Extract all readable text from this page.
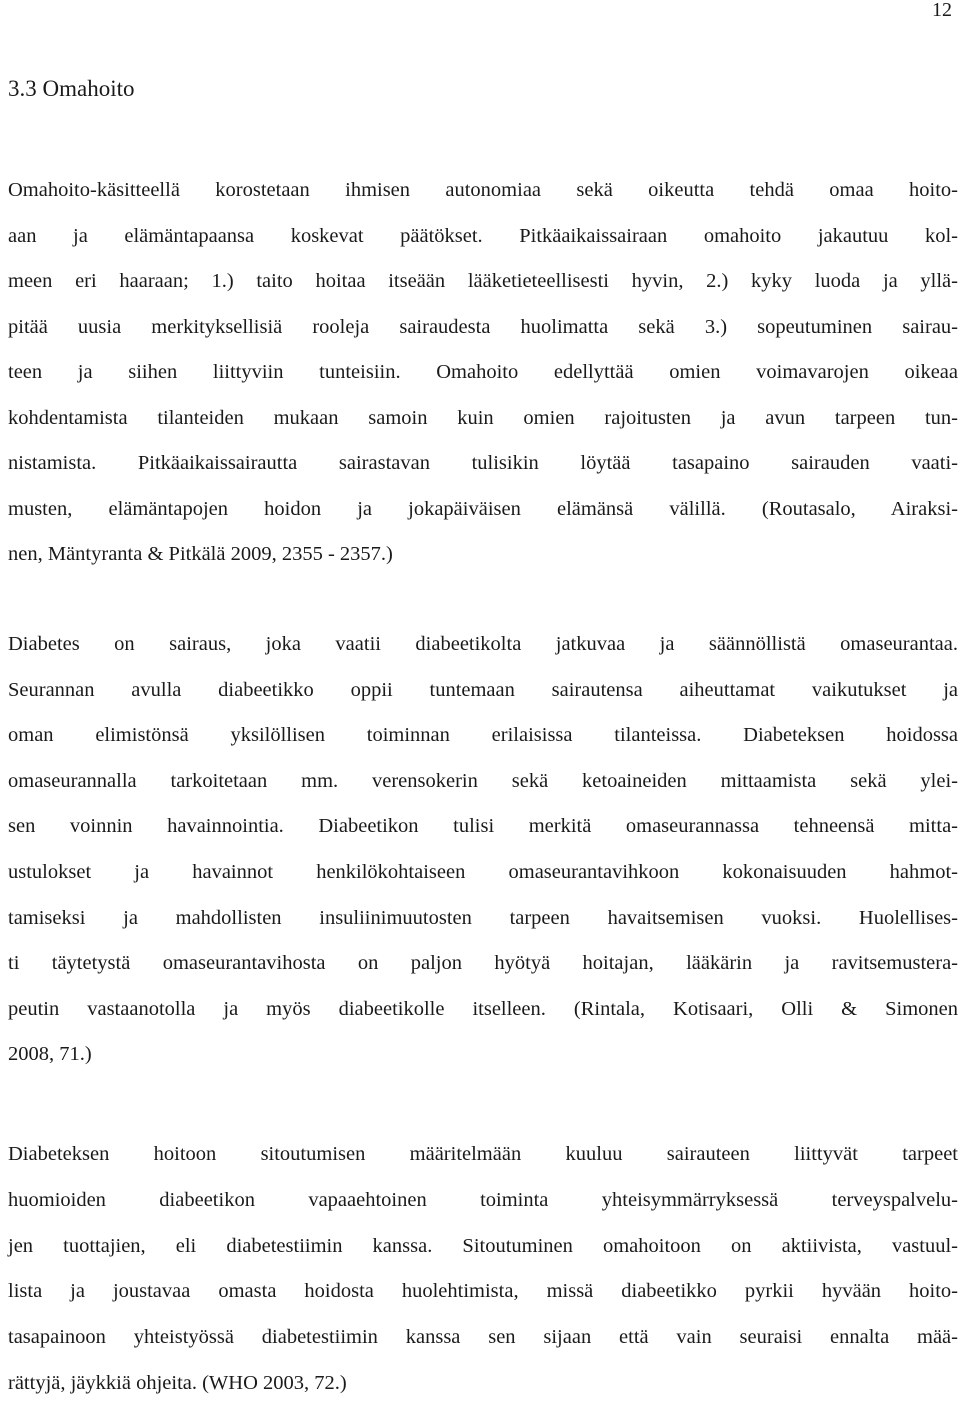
12
3.3 Omahoito
Omahoito-käsitteellä korostetaan ihmisen autonomiaa sekä oikeutta tehdä omaa hoito-
aan ja elämäntapaansa koskevat päätökset. Pitkäaikaissairaan omahoito jakautuu kol-
meen eri haaraan; 1.) taito hoitaa itseään lääketieteellisesti hyvin, 2.) kyky luoda ja yllä-
pitää uusia merkityksellisiä rooleja sairaudesta huolimatta sekä 3.) sopeutuminen sairau-
teen ja siihen liittyviin tunteisiin. Omahoito edellyttää omien voimavarojen oikeaa
kohdentamista tilanteiden mukaan samoin kuin omien rajoitusten ja avun tarpeen tun-
nistamista. Pitkäaikaissairautta sairastavan tulisikin löytää tasapaino sairauden vaati-
musten, elämäntapojen hoidon ja jokapäiväisen elämänsä välillä. (Routasalo, Airaksi-
nen, Mäntyranta & Pitkälä 2009, 2355 - 2357.)
Diabetes on sairaus, joka vaatii diabeetikolta jatkuvaa ja säännöllistä omaseurantaa.
Seurannan avulla diabeetikko oppii tuntemaan sairautensa aiheuttamat vaikutukset ja
oman elimistönsä yksilöllisen toiminnan erilaisissa tilanteissa. Diabeteksen hoidossa
omaseurannalla tarkoitetaan mm. verensokerin sekä ketoaineiden mittaamista sekä ylei-
sen voinnin havainnointia. Diabeetikon tulisi merkitä omaseurannassa tehneensä mitta-
ustulokset ja havainnot henkilökohtaiseen omaseurantavihkoon kokonaisuuden hahmot-
tamiseksi ja mahdollisten insuliinimuutosten tarpeen havaitsemisen vuoksi. Huolellises-
ti täytetystä omaseurantavihosta on paljon hyötyä hoitajan, lääkärin ja ravitsemustera-
peutin vastaanotolla ja myös diabeetikolle itselleen. (Rintala, Kotisaari, Olli & Simonen
2008, 71.)
Diabeteksen hoitoon sitoutumisen määritelmään kuuluu sairauteen liittyvät tarpeet
huomioiden diabeetikon vapaaehtoinen toiminta yhteisymmärryksessä terveyspalvelu-
jen tuottajien, eli diabetestiimin kanssa. Sitoutuminen omahoitoon on aktiivista, vastuul-
lista ja joustavaa omasta hoidosta huolehtimista, missä diabeetikko pyrkii hyvään hoito-
tasapainoon yhteistyössä diabetestiimin kanssa sen sijaan että vain seuraisi ennalta mää-
rättyjä, jäykkiä ohjeita. (WHO 2003, 72.)
